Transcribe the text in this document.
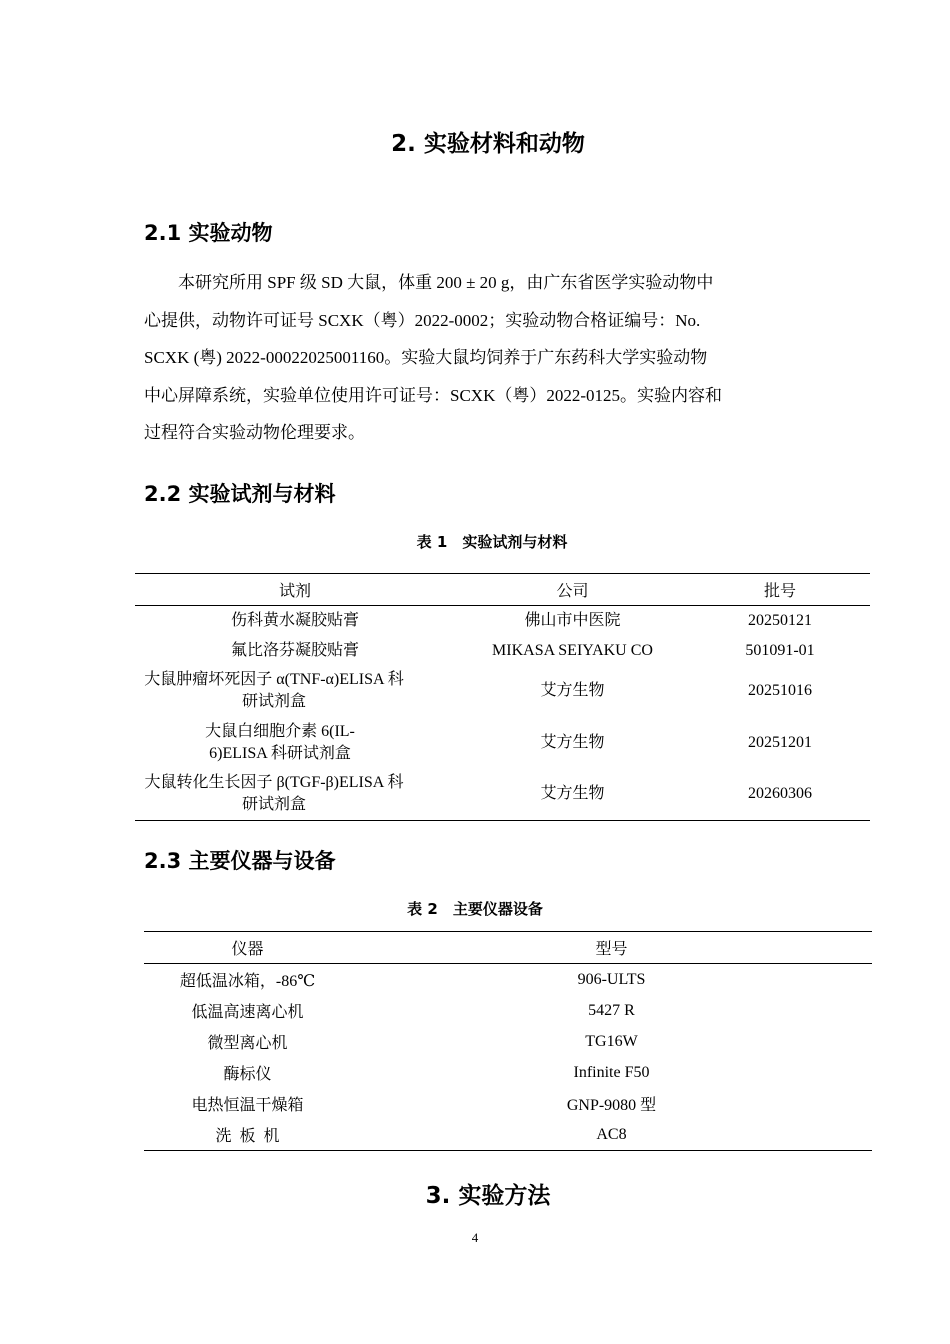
2. 实验材料和动物
2.1 实验动物

　　本研究所用 SPF 级 SD 大鼠，体重 200 ± 20 g，由广东省医学实验动物中

心提供，动物许可证号 SCXK（粤）2022-0002；实验动物合格证编号：No.

SCXK (粤) 2022-00022025001160。实验大鼠均饲养于广东药科大学实验动物

中心屏障系统，实验单位使用许可证号：SCXK（粤）2022-0125。实验内容和

过程符合实验动物伦理要求。

2.2 实验试剂与材料
表 1　实验试剂与材料
试剂	公司	批号
伤科黄水凝胶贴膏	佛山市中医院	20250121
氟比洛芬凝胶贴膏	MIKASA SEIYAKU CO	501091-01
大鼠肿瘤坏死因子 α(TNF-α)ELISA 科研试剂盒	艾方生物	20251016
大鼠白细胞介素 6(IL-6)ELISA 科研试剂盒	艾方生物	20251201
大鼠转化生长因子 β(TGF-β)ELISA 科研试剂盒	艾方生物	20260306
2.3 主要仪器与设备
表 2　主要仪器设备
仪器	型号
超低温冰箱，-86℃	906-ULTS
低温高速离心机	5427 R
微型离心机	TG16W
酶标仪	Infinite F50
电热恒温干燥箱	GNP-9080 型
洗  板  机	AC8
3. 实验方法
4
